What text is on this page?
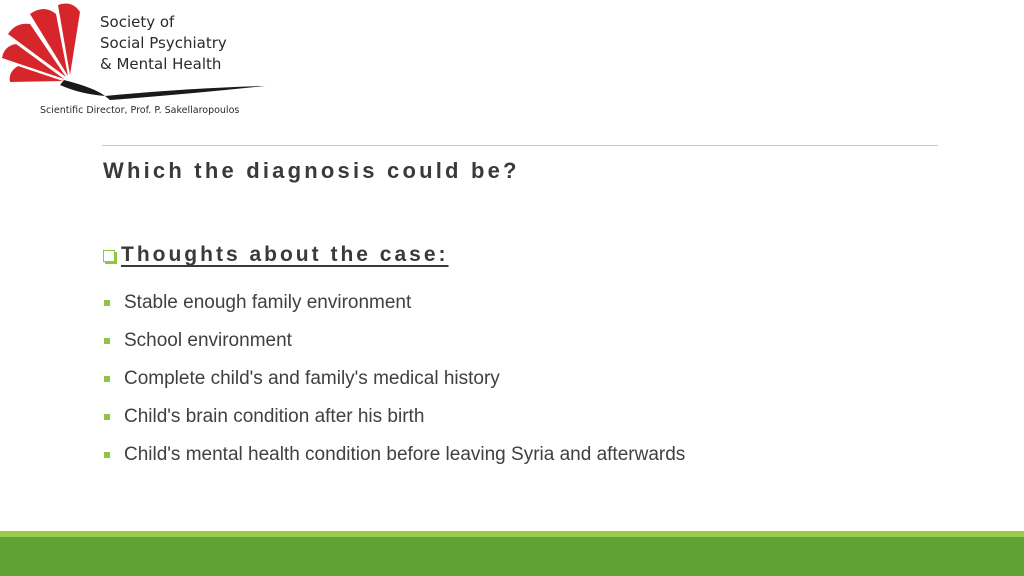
Society of
Social Psychiatry
& Mental Health
Scientific Director, Prof. P. Sakellaropoulos
Which the diagnosis could be?
Thoughts about the case:
Stable enough family environment
School environment
Complete child's and family's medical history
Child's brain condition after his birth
Child's mental health condition before leaving Syria and afterwards
